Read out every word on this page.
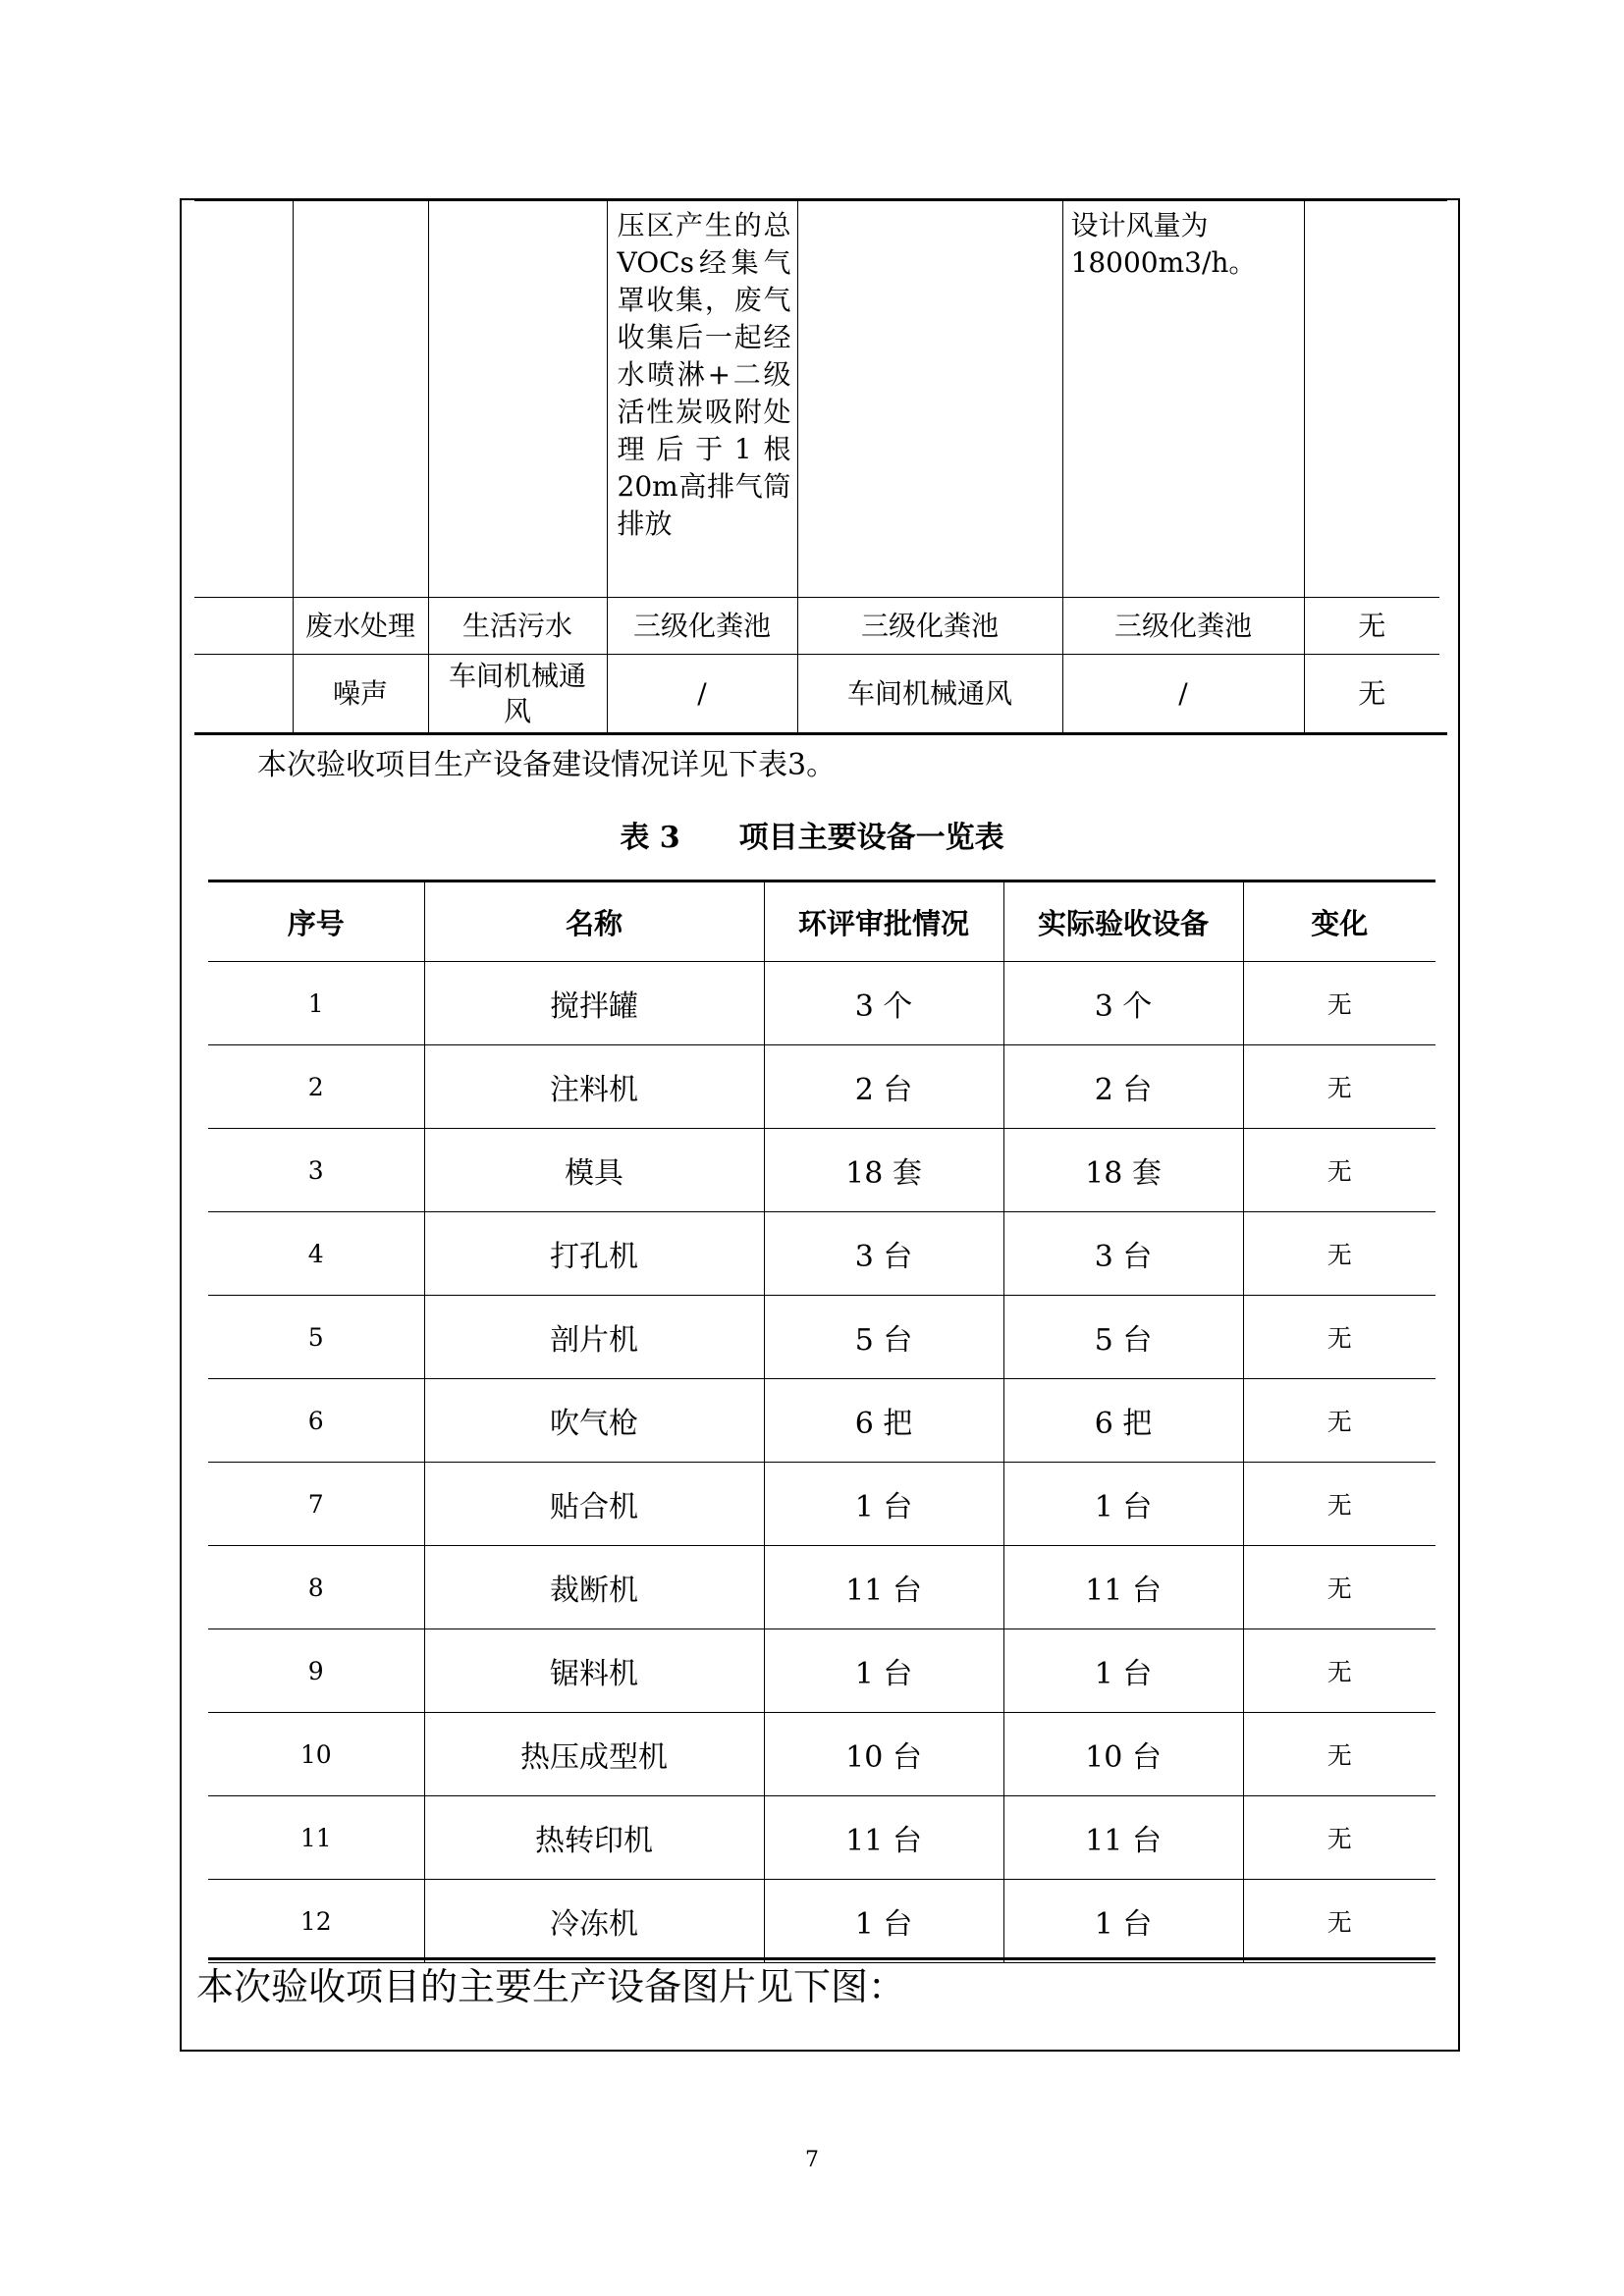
			压区产生的总VOCs经集气罩收集，废气收集后一起经水喷淋+二级活性炭吸附处理后于1根20m高排气筒排放		设计风量为18000m3/h。	
	废水处理	生活污水	三级化粪池	三级化粪池	三级化粪池	无
	噪声	车间机械通风	/	车间机械通风	/	无
本次验收项目生产设备建设情况详见下表3。
表 3　　项目主要设备一览表
序号	名称	环评审批情况	实际验收设备	变化
1	搅拌罐	3 个	3 个	无
2	注料机	2 台	2 台	无
3	模具	18 套	18 套	无
4	打孔机	3 台	3 台	无
5	剖片机	5 台	5 台	无
6	吹气枪	6 把	6 把	无
7	贴合机	1 台	1 台	无
8	裁断机	11 台	11 台	无
9	锯料机	1 台	1 台	无
10	热压成型机	10 台	10 台	无
11	热转印机	11 台	11 台	无
12	冷冻机	1 台	1 台	无
本次验收项目的主要生产设备图片见下图：
7
